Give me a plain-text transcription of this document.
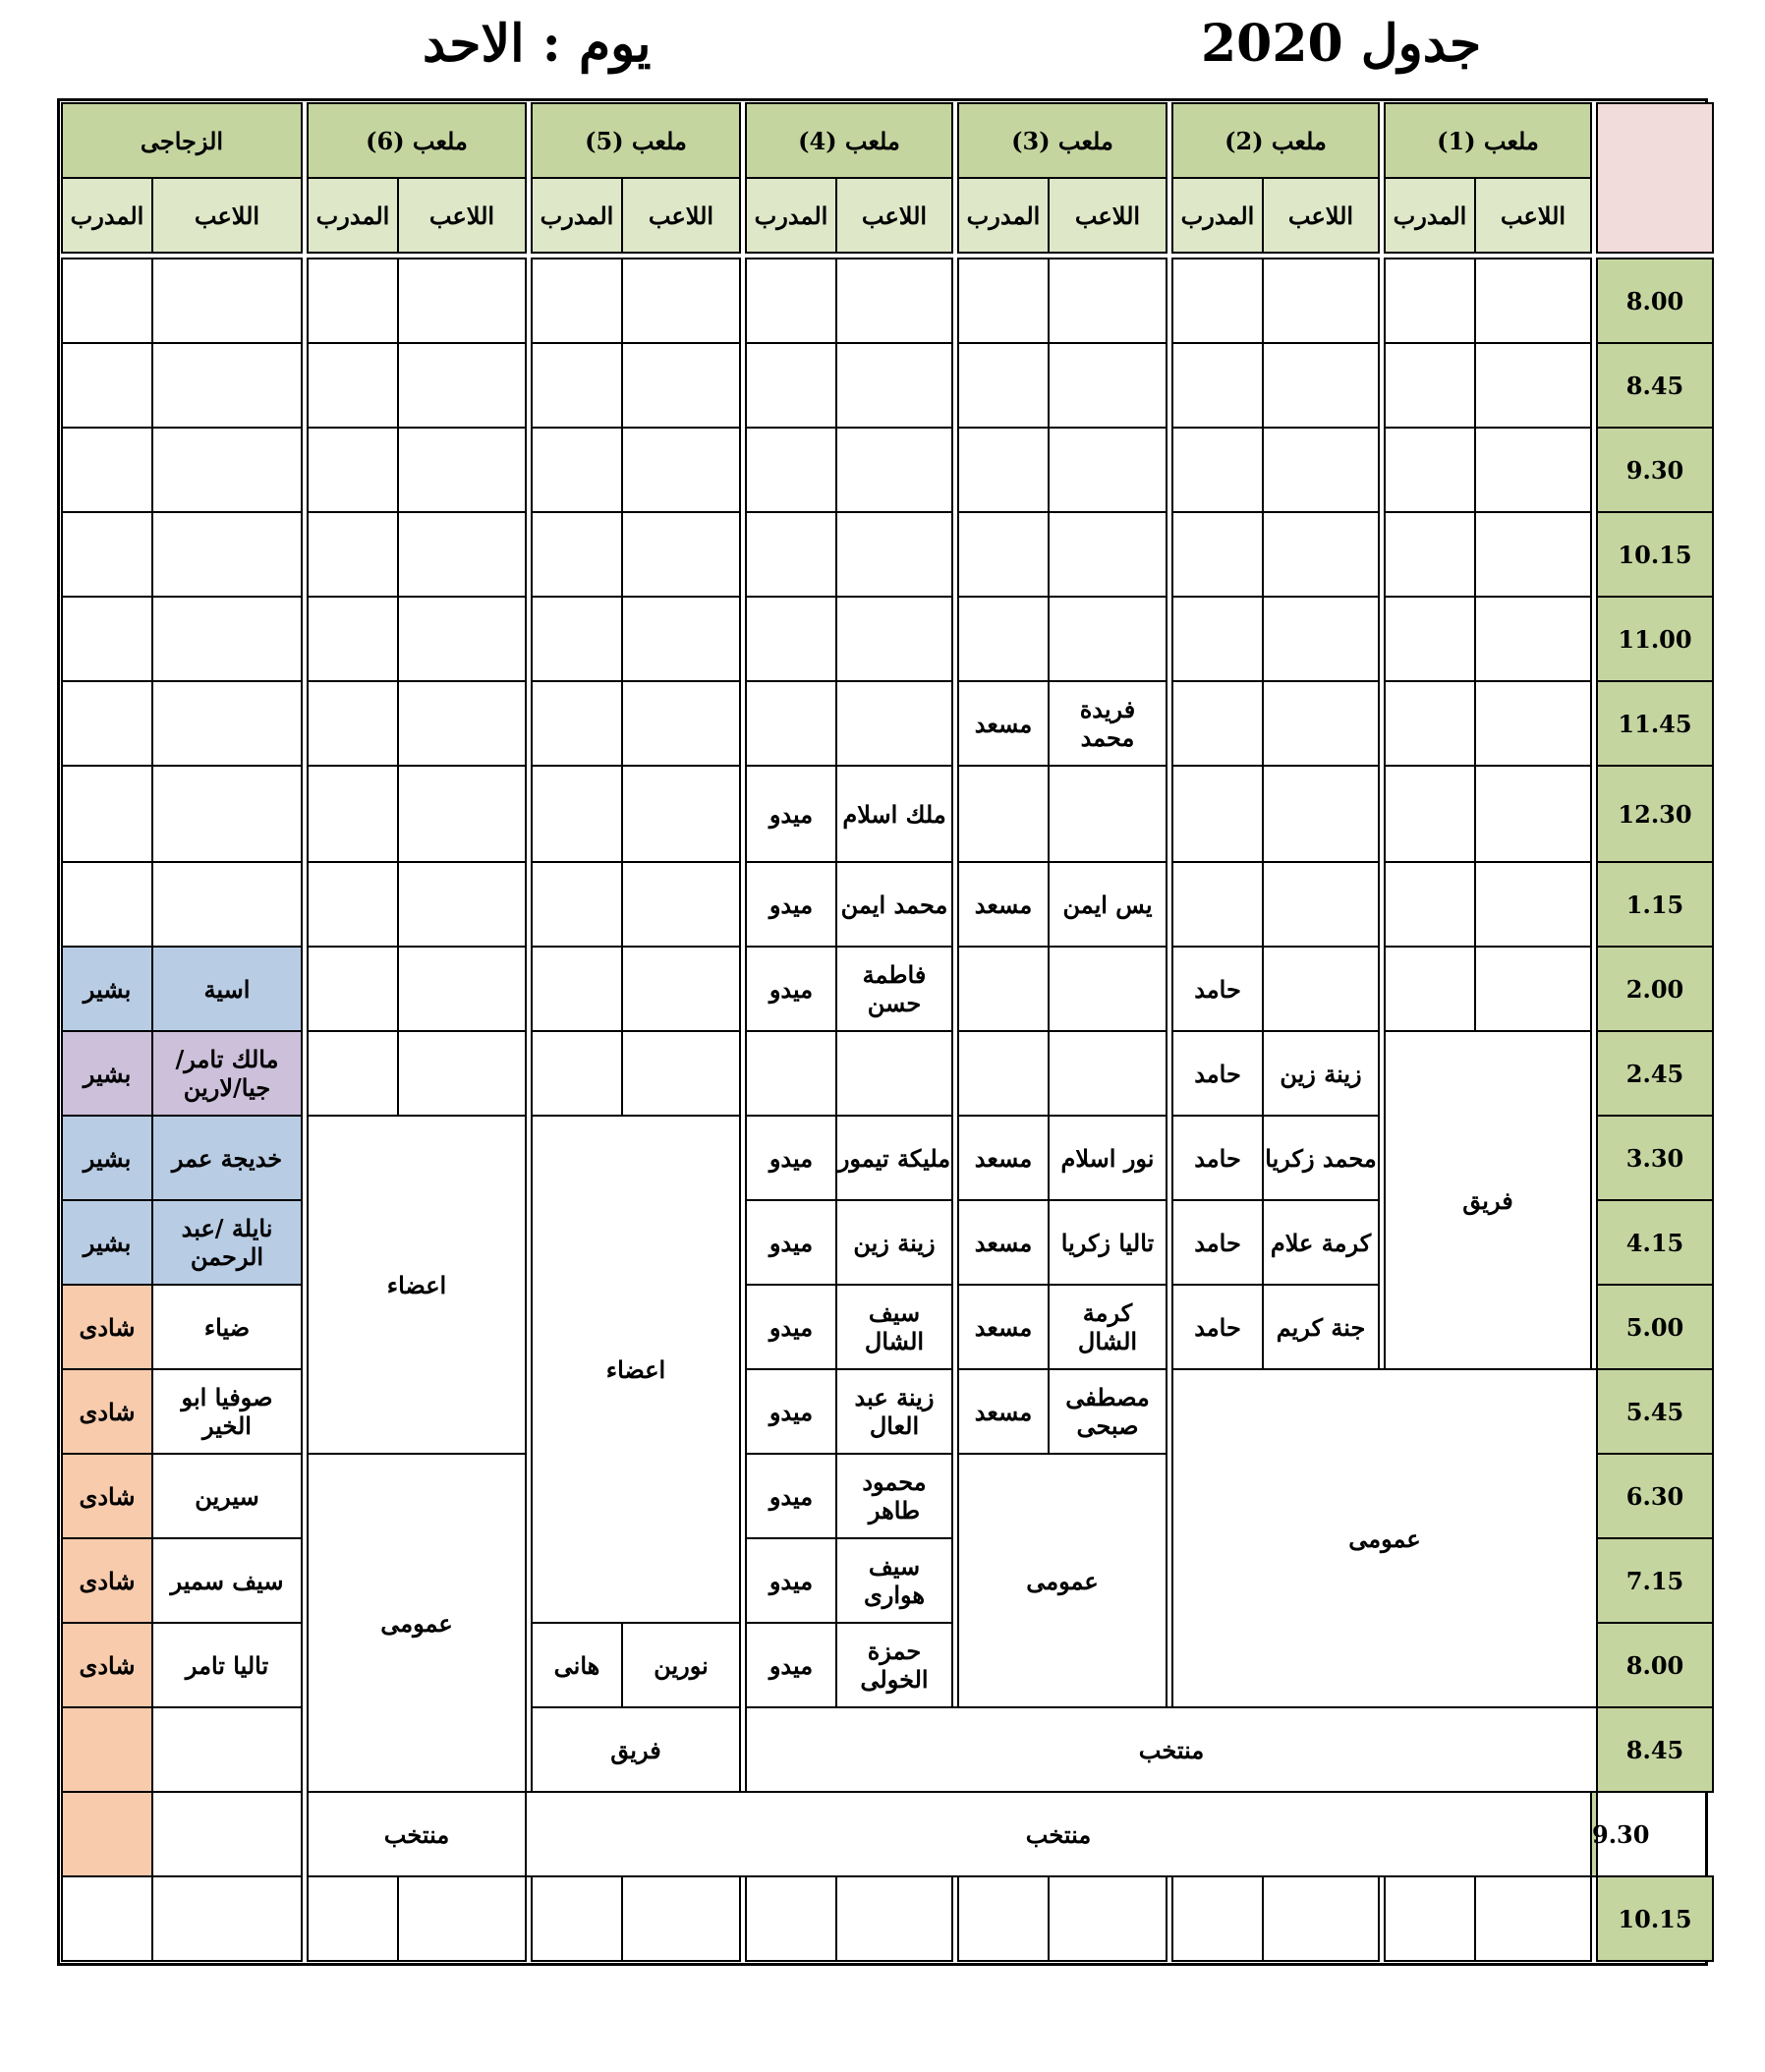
يوم : الاحد	جدول 2020
الزجاجى			ملعب (6)			ملعب (5)			ملعب (4)			ملعب (3)			ملعب (2)			ملعب (1)			
المدرب	اللاعب		المدرب	اللاعب		المدرب	اللاعب		المدرب	اللاعب		المدرب	اللاعب		المدرب	اللاعب		المدرب	اللاعب		

																					8.00
																					8.45
																					9.30
																					10.15
																					11.00
												مسعد	فريدة محمد								11.45
									ميدو	ملك اسلام											12.30
									ميدو	محمد ايمن		مسعد	يس ايمن								1.15
بشير	اسية								ميدو	فاطمة حسن					حامد						2.00
بشير	مالك تامر/ جيا/لارين														حامد	زينة زين		فريق			2.45
بشير	خديجة عمر		اعضاء			اعضاء			ميدو	مليكة تيمور		مسعد	نور اسلام		حامد	محمد زكريا					3.30
بشير	نايلة /عبد الرحمن								ميدو	زينة زين		مسعد	تاليا زكريا		حامد	كرمة علام					4.15
شادى	ضياء								ميدو	سيف الشال		مسعد	كرمة الشال		حامد	جنة كريم					5.00
شادى	صوفيا ابو الخير								ميدو	زينة عبد العال		مسعد	مصطفى صبحى		عمومى						5.45
شادى	سيرين		عمومى						ميدو	محمود طاهر		عمومى									6.30
شادى	سيف سمير								ميدو	سيف هوارى											7.15
شادى	تاليا تامر					هانى	نورين		ميدو	حمزة الخولى											8.00
						فريق			منتخب												8.45
			منتخب		منتخب															9.30	
																					10.15
